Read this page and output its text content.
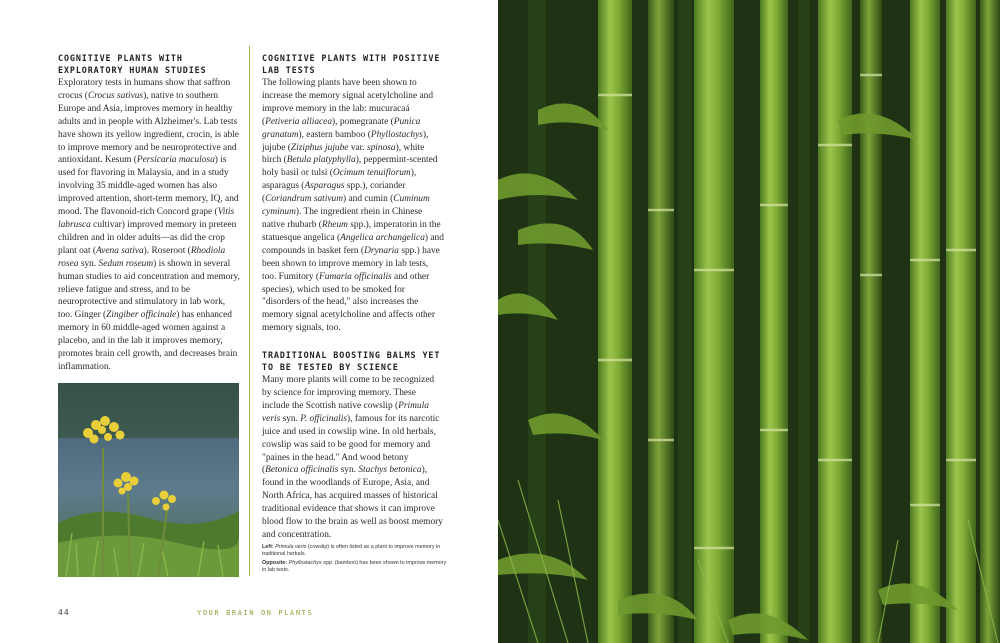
COGNITIVE PLANTS WITH EXPLORATORY HUMAN STUDIES

Exploratory tests in humans show that saffron crocus (Crocus sativus), native to southern Europe and Asia, improves memory in healthy adults and in people with Alzheimer's. Lab tests have shown its yellow ingredient, crocin, is able to improve memory and be neuroprotective and antioxidant. Kesum (Persicaria maculosa) is used for flavoring in Malaysia, and in a study involving 35 middle-aged women has also improved attention, short-term memory, IQ, and mood. The flavonoid-rich Concord grape (Vitis labrusca cultivar) improved memory in preteen children and in older adults—as did the crop plant oat (Avena sativa). Roseroot (Rhodiola rosea syn. Sedum roseum) is shown in several human studies to aid concentration and memory, relieve fatigue and stress, and to be neuroprotective and stimulatory in lab work, too. Ginger (Zingiber officinale) has enhanced memory in 60 middle-aged women against a placebo, and in the lab it improves memory, promotes brain cell growth, and decreases brain inflammation.

COGNITIVE PLANTS WITH POSITIVE LAB TESTS

The following plants have been shown to increase the memory signal acetylcholine and improve memory in the lab: mucuracaá (Petiveria alliacea), pomegranate (Punica granatum), eastern bamboo (Phyllostachys), jujube (Ziziphus jujube var. spinosa), white birch (Betula platyphylla), peppermint-scented holy basil or tulsi (Ocimum tenuiflorum), asparagus (Asparagus spp.), coriander (Coriandrum sativum) and cumin (Cuminum cyminum). The ingredient rhein in Chinese native rhubarb (Rheum spp.), imperatorin in the statuesque angelica (Angelica archangelica) and compounds in basket fern (Drynaria spp.) have been shown to improve memory in lab tests, too. Fumitory (Fumaria officinalis and other species), which used to be smoked for "disorders of the head," also increases the memory signal acetylcholine and affects other memory signals, too.

TRADITIONAL BOOSTING BALMS YET TO BE TESTED BY SCIENCE

Many more plants will come to be recognized by science for improving memory. These include the Scottish native cowslip (Primula veris syn. P. officinalis), famous for its narcotic juice and used in cowslip wine. In old herbals, cowslip was said to be good for memory and "paines in the head." And wood betony (Betonica officinalis syn. Stachys betonica), found in the woodlands of Europe, Asia, and North Africa, has acquired masses of historical traditional evidence that shows it can improve blood flow to the brain as well as boost memory and concentration.

Left: Primula veris (cowslip) is often listed as a plant to improve memory in traditional herbals.

Opposite: Phyllostachys spp. (bamboo) has been shown to improve memory in lab tests.

44	YOUR BRAIN ON PLANTS
